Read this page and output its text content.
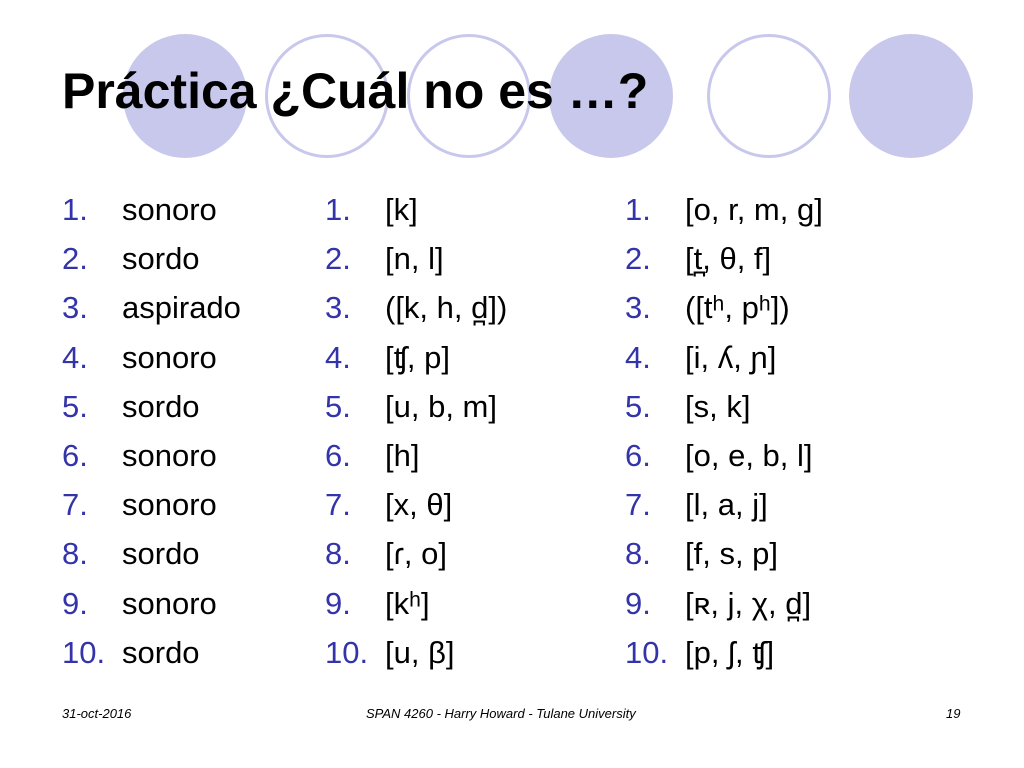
Práctica ¿Cuál no es …?
1.	sonoro
2.	sordo
3.	aspirado
4.	sonoro
5.	sordo
6.	sonoro
7.	sonoro
8.	sordo
9.	sonoro
10. sordo
1.	[k]
2.	[n, l]
3.	([k, h, d̪])
4.	[ʧ, p]
5.	[u, b, m]
6.	[h]
7.	[x, θ]
8.	[ɾ, o]
9.	[kʰ]
10. [u, β]
1.	[o, r, m, g]
2.	[t̪, θ, f]
3.	([tʰ, pʰ])
4.	[i, ʎ, ɲ]
5.	[s, k]
6.	[o, e, b, l]
7.	[l, a, j]
8.	[f, s, p]
9.	[ʀ, j, χ, d̪]
10. [p, ʃ, ʧ]
31-oct-2016	SPAN 4260 - Harry Howard - Tulane University	19
